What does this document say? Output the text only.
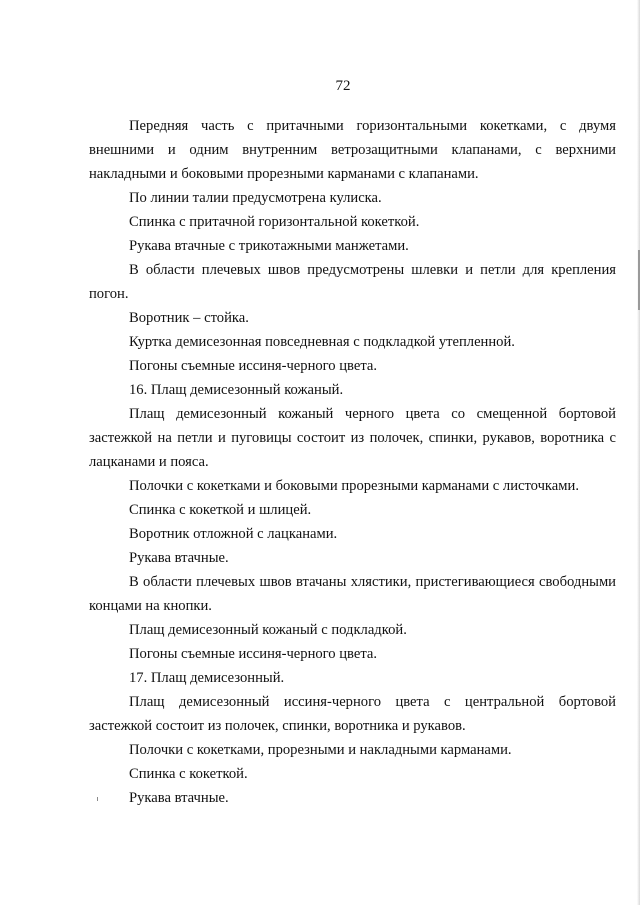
72

Передняя часть с притачными горизонтальными кокетками, с двумя внешними и одним внутренним ветрозащитными клапанами, с верхними накладными и боковыми прорезными карманами с клапанами.

По линии талии предусмотрена кулиска.

Спинка с притачной горизонтальной кокеткой.

Рукава втачные с трикотажными манжетами.

В области плечевых швов предусмотрены шлевки и петли для крепления погон.

Воротник – стойка.

Куртка демисезонная повседневная с подкладкой утепленной.

Погоны съемные иссиня-черного цвета.

16. Плащ демисезонный кожаный.

Плащ демисезонный кожаный черного цвета со смещенной бортовой застежкой на петли и пуговицы состоит из полочек, спинки, рукавов, воротника с лацканами и пояса.

Полочки с кокетками и боковыми прорезными карманами с листочками.

Спинка с кокеткой и шлицей.

Воротник отложной с лацканами.

Рукава втачные.

В области плечевых швов втачаны хлястики, пристегивающиеся свободными концами на кнопки.

Плащ демисезонный кожаный с подкладкой.

Погоны съемные иссиня-черного цвета.

17. Плащ демисезонный.

Плащ демисезонный иссиня-черного цвета с центральной бортовой застежкой состоит из полочек, спинки, воротника и рукавов.

Полочки с кокетками, прорезными и накладными карманами.

Спинка с кокеткой.

Рукава втачные.
